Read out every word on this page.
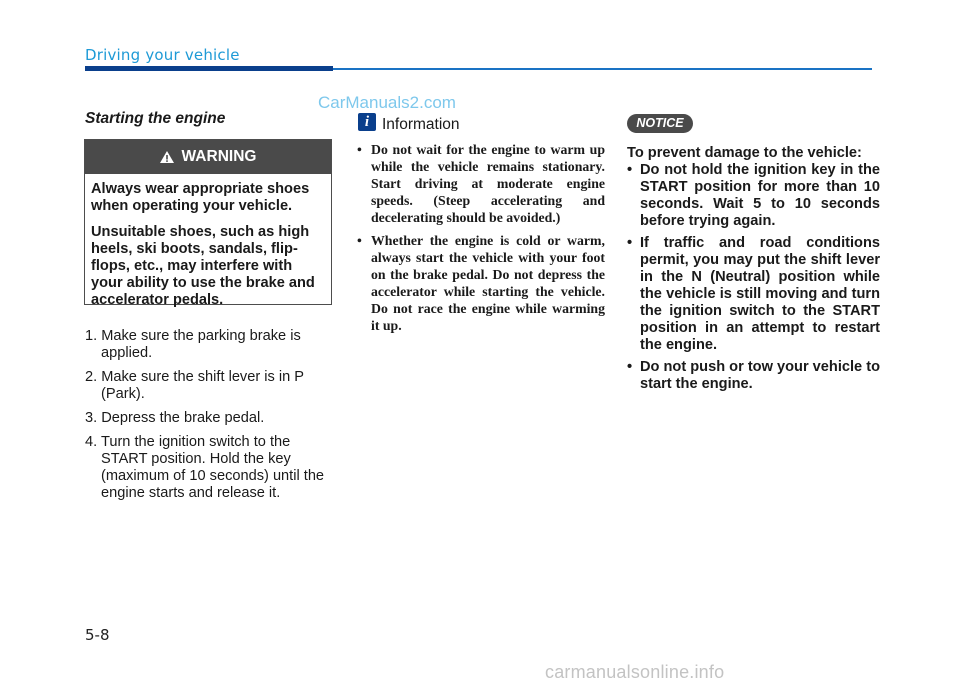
Driving your vehicle
CarManuals2.com
Starting the engine
WARNING

Always wear appropriate shoes when operating your vehicle.

Unsuitable shoes, such as high heels, ski boots, sandals, flip-flops, etc., may interfere with your ability to use the brake and accelerator pedals.

1. Make sure the parking brake is applied.
2. Make sure the shift lever is in P (Park).
3. Depress the brake pedal.
4. Turn the ignition switch to the START position. Hold the key (maximum of 10 seconds) until the engine starts and release it.
i Information
• Do not wait for the engine to warm up while the vehicle remains stationary. Start driving at moderate engine speeds. (Steep accelerating and decelerating should be avoided.)
• Whether the engine is cold or warm, always start the vehicle with your foot on the brake pedal. Do not depress the accelerator while starting the vehicle. Do not race the engine while warming it up.
NOTICE
To prevent damage to the vehicle:
• Do not hold the ignition key in the START position for more than 10 seconds. Wait 5 to 10 seconds before trying again.
• If traffic and road conditions permit, you may put the shift lever in the N (Neutral) position while the vehicle is still moving and turn the ignition switch to the START position in an attempt to restart the engine.
• Do not push or tow your vehicle to start the engine.
5-8
carmanualsonline.info
